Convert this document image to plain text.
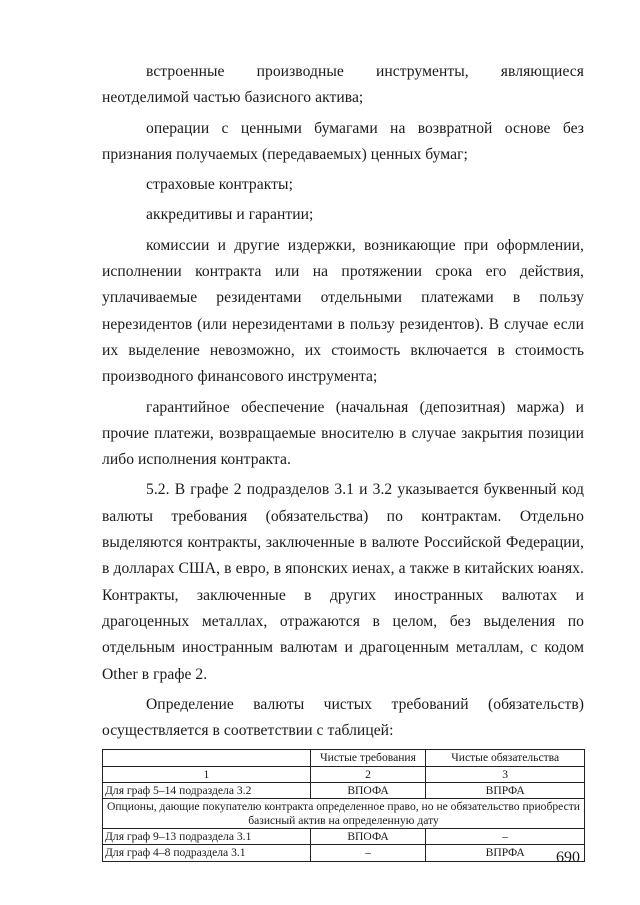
встроенные производные инструменты, являющиеся неотделимой частью базисного актива;

операции с ценными бумагами на возвратной основе без признания получаемых (передаваемых) ценных бумаг;

страховые контракты;

аккредитивы и гарантии;

комиссии и другие издержки, возникающие при оформлении, исполнении контракта или на протяжении срока его действия, уплачиваемые резидентами отдельными платежами в пользу нерезидентов (или нерезидентами в пользу резидентов). В случае если их выделение невозможно, их стоимость включается в стоимость производного финансового инструмента;

гарантийное обеспечение (начальная (депозитная) маржа) и прочие платежи, возвращаемые вносителю в случае закрытия позиции либо исполнения контракта.

5.2. В графе 2 подразделов 3.1 и 3.2 указывается буквенный код валюты требования (обязательства) по контрактам. Отдельно выделяются контракты, заключенные в валюте Российской Федерации, в долларах США, в евро, в японских иенах, а также в китайских юанях. Контракты, заключенные в других иностранных валютах и драгоценных металлах, отражаются в целом, без выделения по отдельным иностранным валютам и драгоценным металлам, с кодом Other в графе 2.

Определение валюты чистых требований (обязательств) осуществляется в соответствии с таблицей:

	Чистые требования	Чистые обязательства
1	2	3
Для граф 5–14 подраздела 3.2	ВПОФА	ВПРФА
Опционы, дающие покупателю контракта определенное право, но не обязательство приобрести базисный актив на определенную дату		
Для граф 9–13 подраздела 3.1	ВПОФА	–
Для граф 4–8 подраздела 3.1	–	ВПРФА 690
